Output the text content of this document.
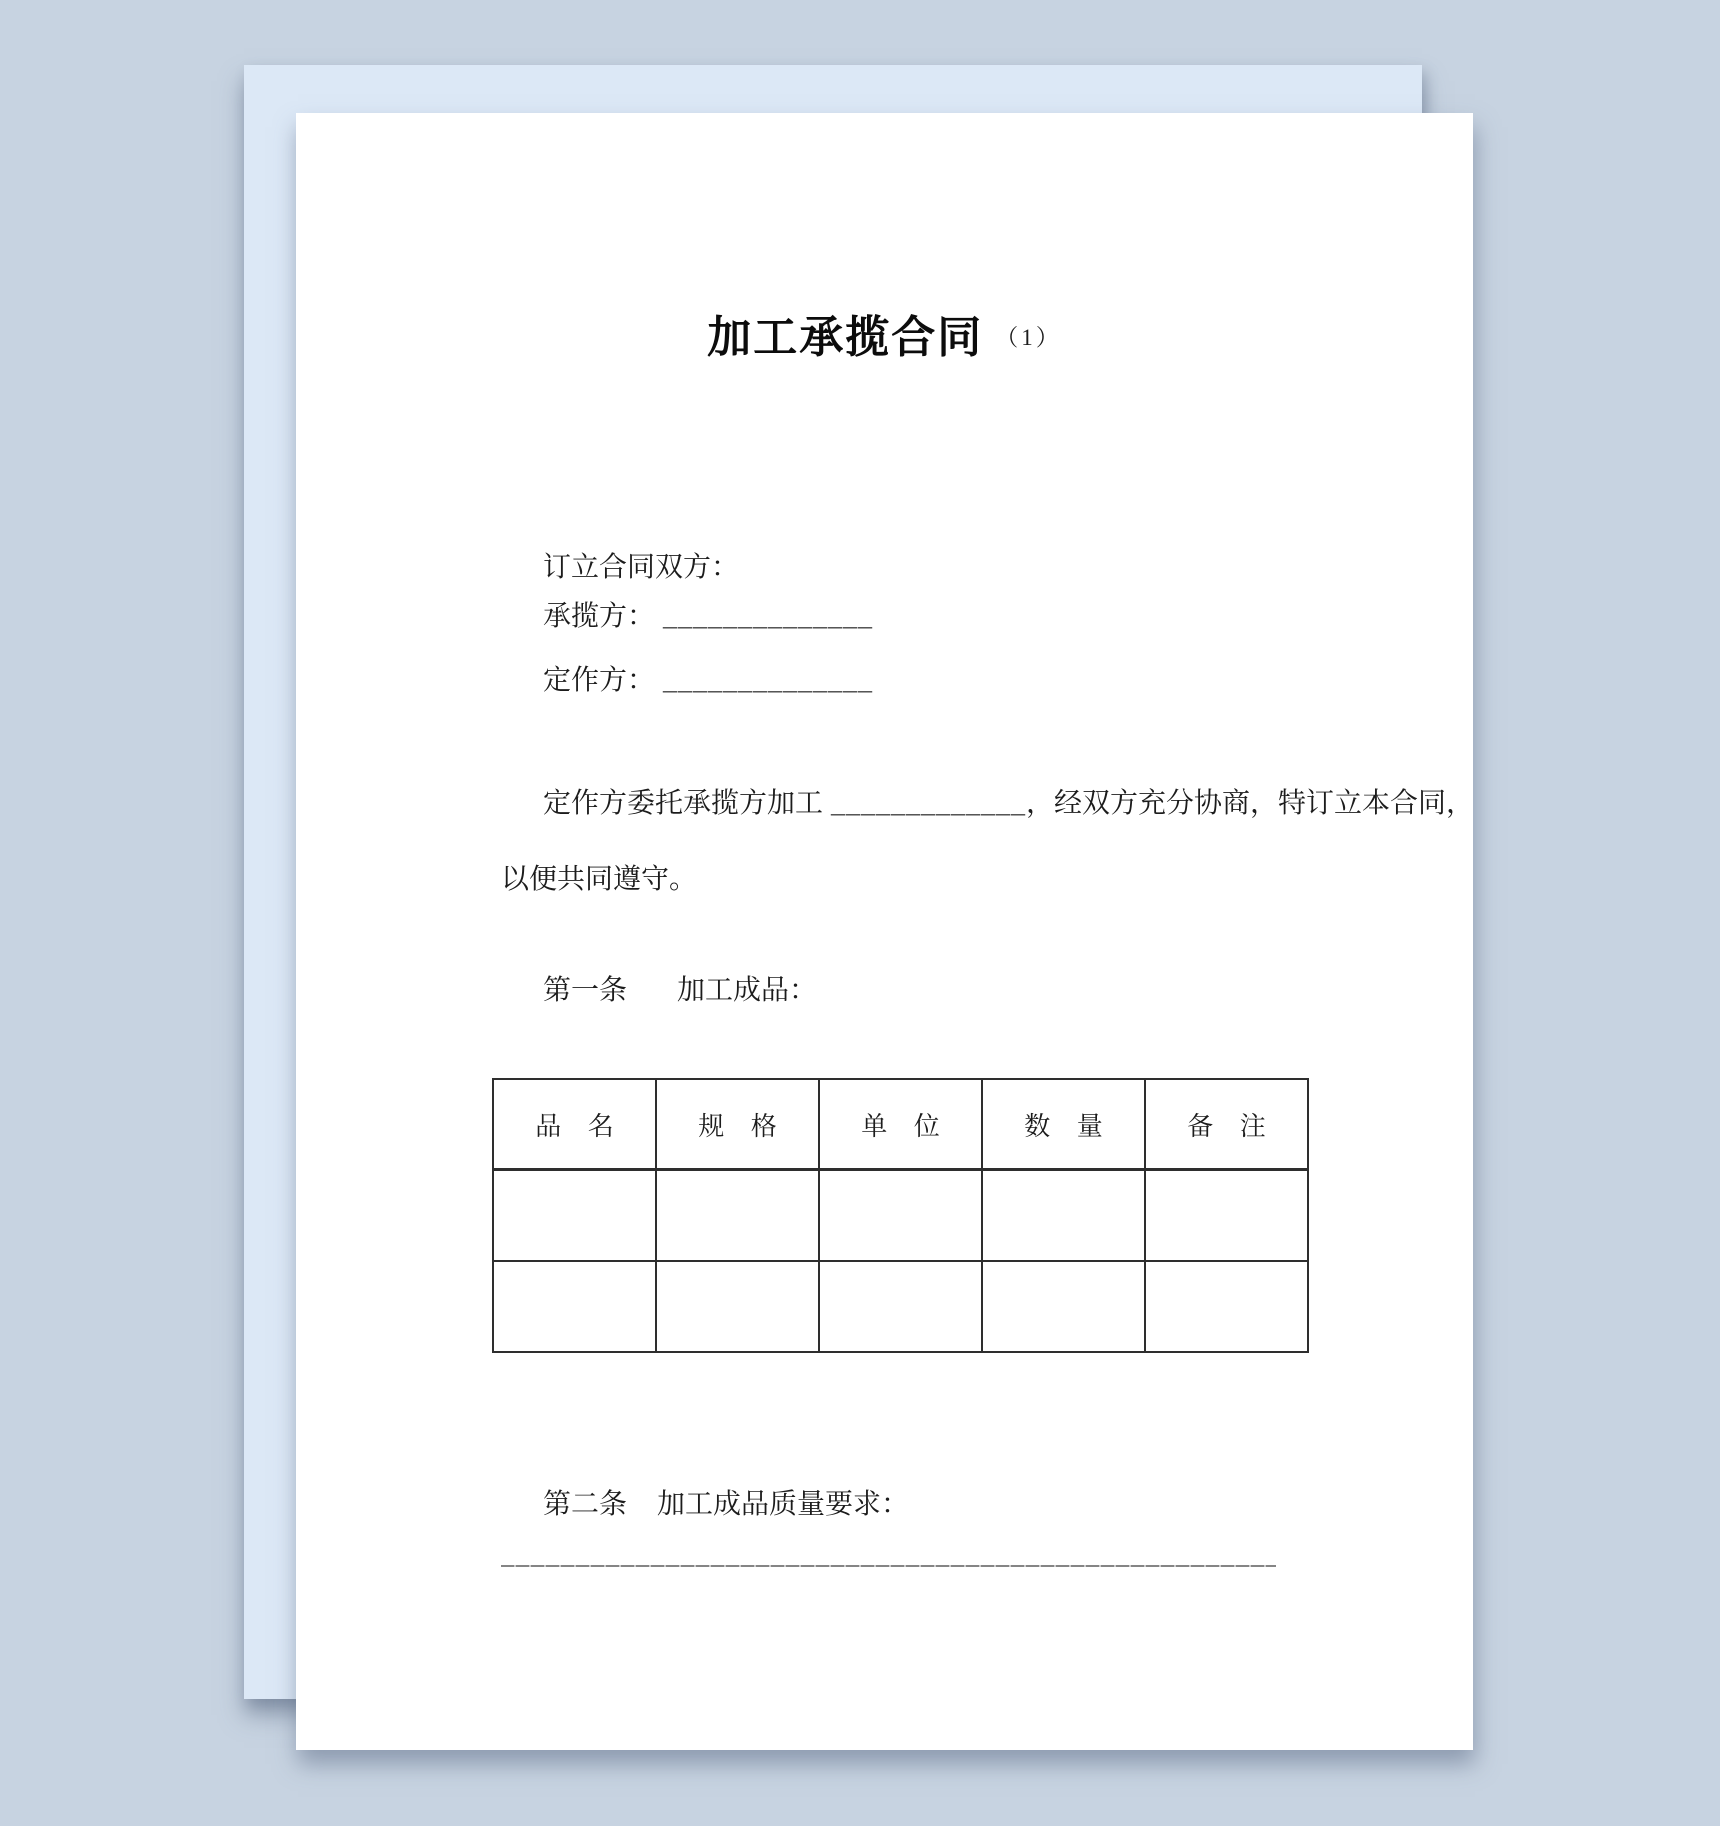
加工承揽合同 （1）
订立合同双方：
承揽方： ______________
定作方： ______________
定作方委托承揽方加工 _____________，经双方充分协商，特订立本合同，
以便共同遵守。
第一条 加工成品：
品 名	规 格	单 位	数 量	备 注

第二条 加工成品质量要求：
